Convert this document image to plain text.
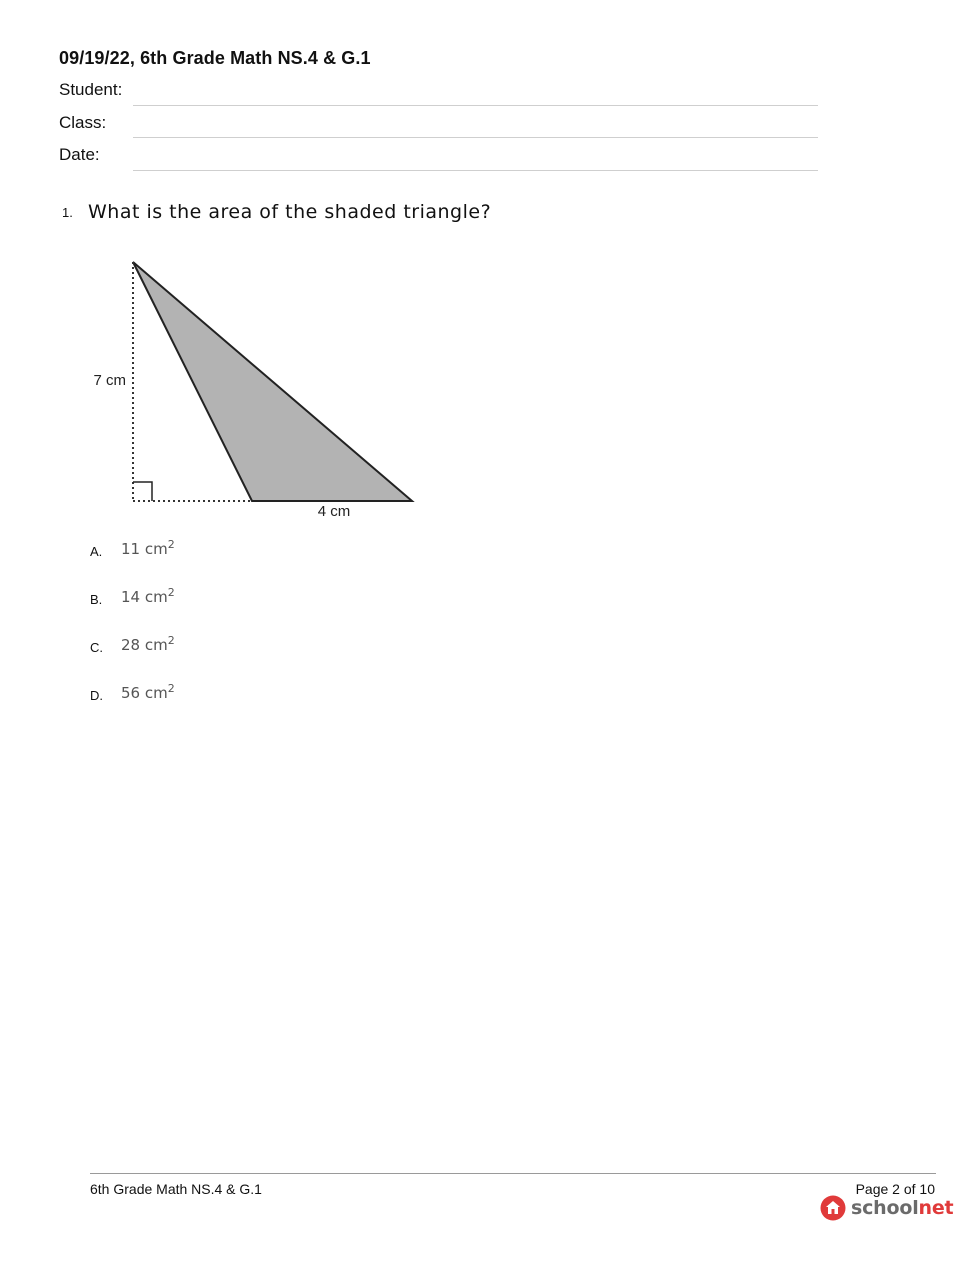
09/19/22, 6th Grade Math NS.4 & G.1
Student:
Class:
Date:
1. What is the area of the shaded triangle?
7 cm
4 cm
A. 11 $cm^2$
B. 14 $cm^2$
C. 28 $cm^2$
D. 56 $cm^2$
6th Grade Math NS.4 & G.1	Page 2 of 10
schoolnet
